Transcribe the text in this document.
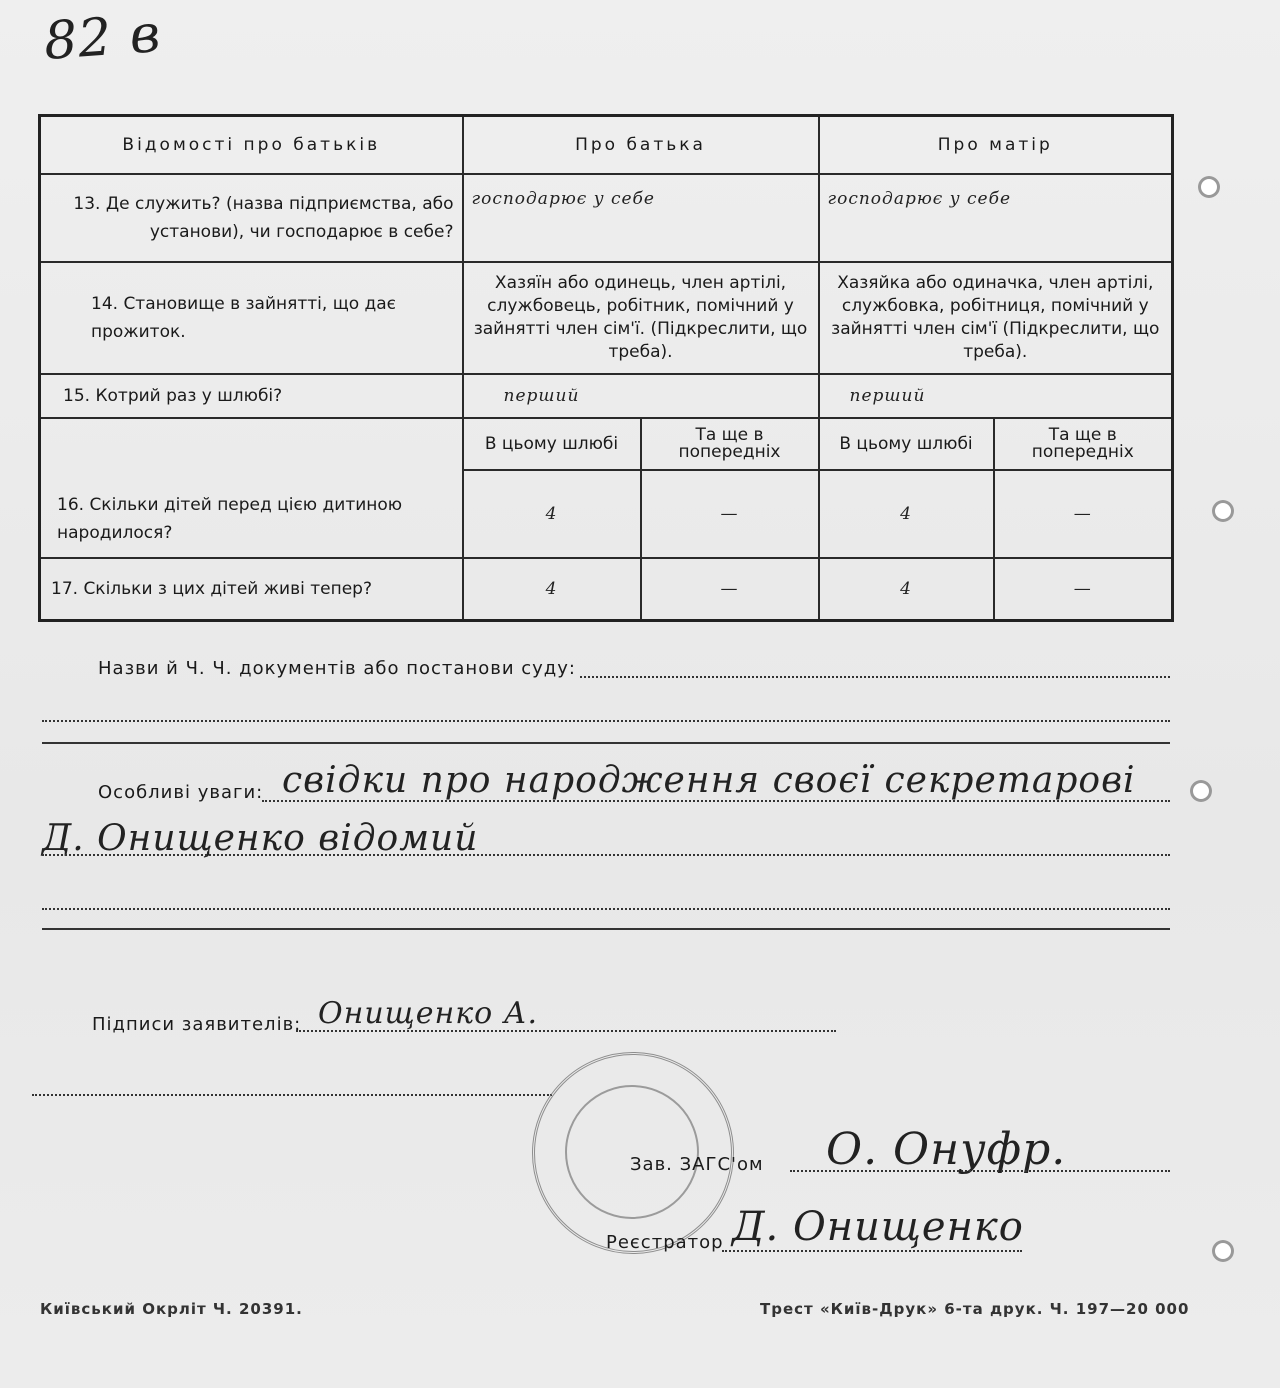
82 в
Відомості про батьків	Про батька		Про матір	
13. Де служить? (назва підприємства, або установи), чи господарює в себе?	господарює у себе		господарює у себе	
14. Становище в зайнятті, що дає прожиток.	Хазяїн або одинець, член артілі, службовець, робітник, помічний у зайнятті член сім'ї. (Підкреслити, що треба).		Хазяйка або одиначка, член артілі, службовка, робітниця, помічний у зайнятті член сім'ї (Підкреслити, що треба).	
15. Котрий раз у шлюбі?	перший		перший	
16. Скільки дітей перед цією дитиною народилося?	В цьому шлюбі	Та ще в попередніх	В цьому шлюбі	Та ще в попередніх
	4	—	4	—
17. Скільки з цих дітей живі тепер?	4	—	4	—
Назви й Ч. Ч. документів або постанови суду:
Особливі уваги: свідки про народження своєї секретарові
Д. Онищенко відомий
Підписи заявителів: Онищенко А.
Зав. ЗАГС'ом О. Онуфр.
Реєстратор Д. Онищенко
Київський Окрліт Ч. 20391.	Трест «Київ-Друк» 6-та друк. Ч. 197—20 000
